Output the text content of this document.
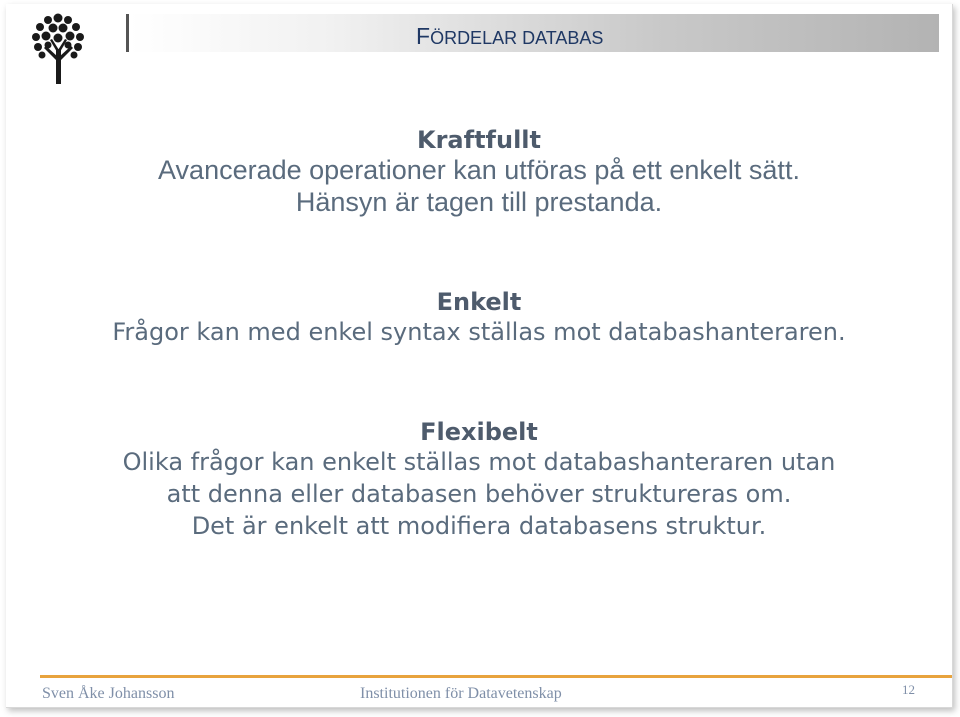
FÖRDELAR DATABAS
Kraftfullt
Avancerade operationer kan utföras på ett enkelt sätt.
Hänsyn är tagen till prestanda.
Enkelt
Frågor kan med enkel syntax ställas mot databashanteraren.
Flexibelt
Olika frågor kan enkelt ställas mot databashanteraren utan
att denna eller databasen behöver struktureras om.
Det är enkelt att modifiera databasens struktur.
Sven Åke Johansson	Institutionen för Datavetenskap	12
